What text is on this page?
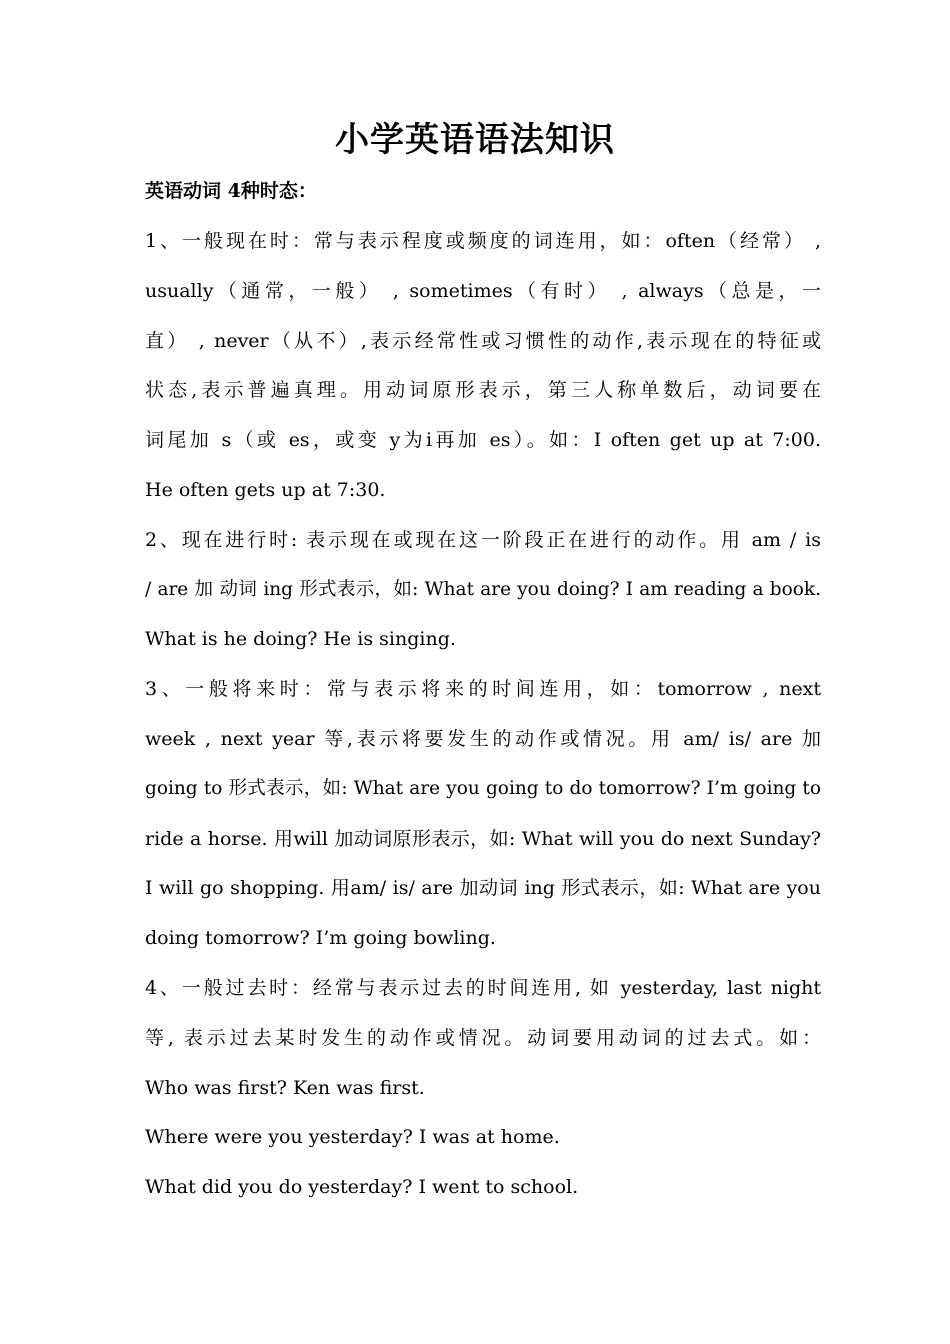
小学英语语法知识
英语动词 4种时态：
1、一般现在时：常与表示程度或频度的词连用，如：often（经常） ,
usually（通常，一般） , sometimes（有时） , always（总是，一
直） , never（从不）,表示经常性或习惯性的动作,表示现在的特征或
状态,表示普遍真理。用动词原形表示，第三人称单数后，动词要在
词尾加 s（或 es，或变 y为i再加 es）。如：I often get up at 7:00.
He often gets up at 7:30.
2、现在进行时: 表示现在或现在这一阶段正在进行的动作。用 am / is
/ are 加 动词 ing 形式表示，如: What are you doing? I am reading a book.
What is he doing? He is singing.
3、一般将来时：常与表示将来的时间连用，如：tomorrow , next
week , next year 等,表示将要发生的动作或情况。用 am/ is/ are 加
going to 形式表示，如: What are you going to do tomorrow? I’m going to
ride a horse. 用will 加动词原形表示，如: What will you do next Sunday?
I will go shopping. 用am/ is/ are 加动词 ing 形式表示，如: What are you
doing tomorrow? I’m going bowling.
4、一般过去时：经常与表示过去的时间连用, 如 yesterday, last night
等, 表示过去某时发生的动作或情况。动词要用动词的过去式。如：
Who was first? Ken was first.
Where were you yesterday? I was at home.
What did you do yesterday? I went to school.
